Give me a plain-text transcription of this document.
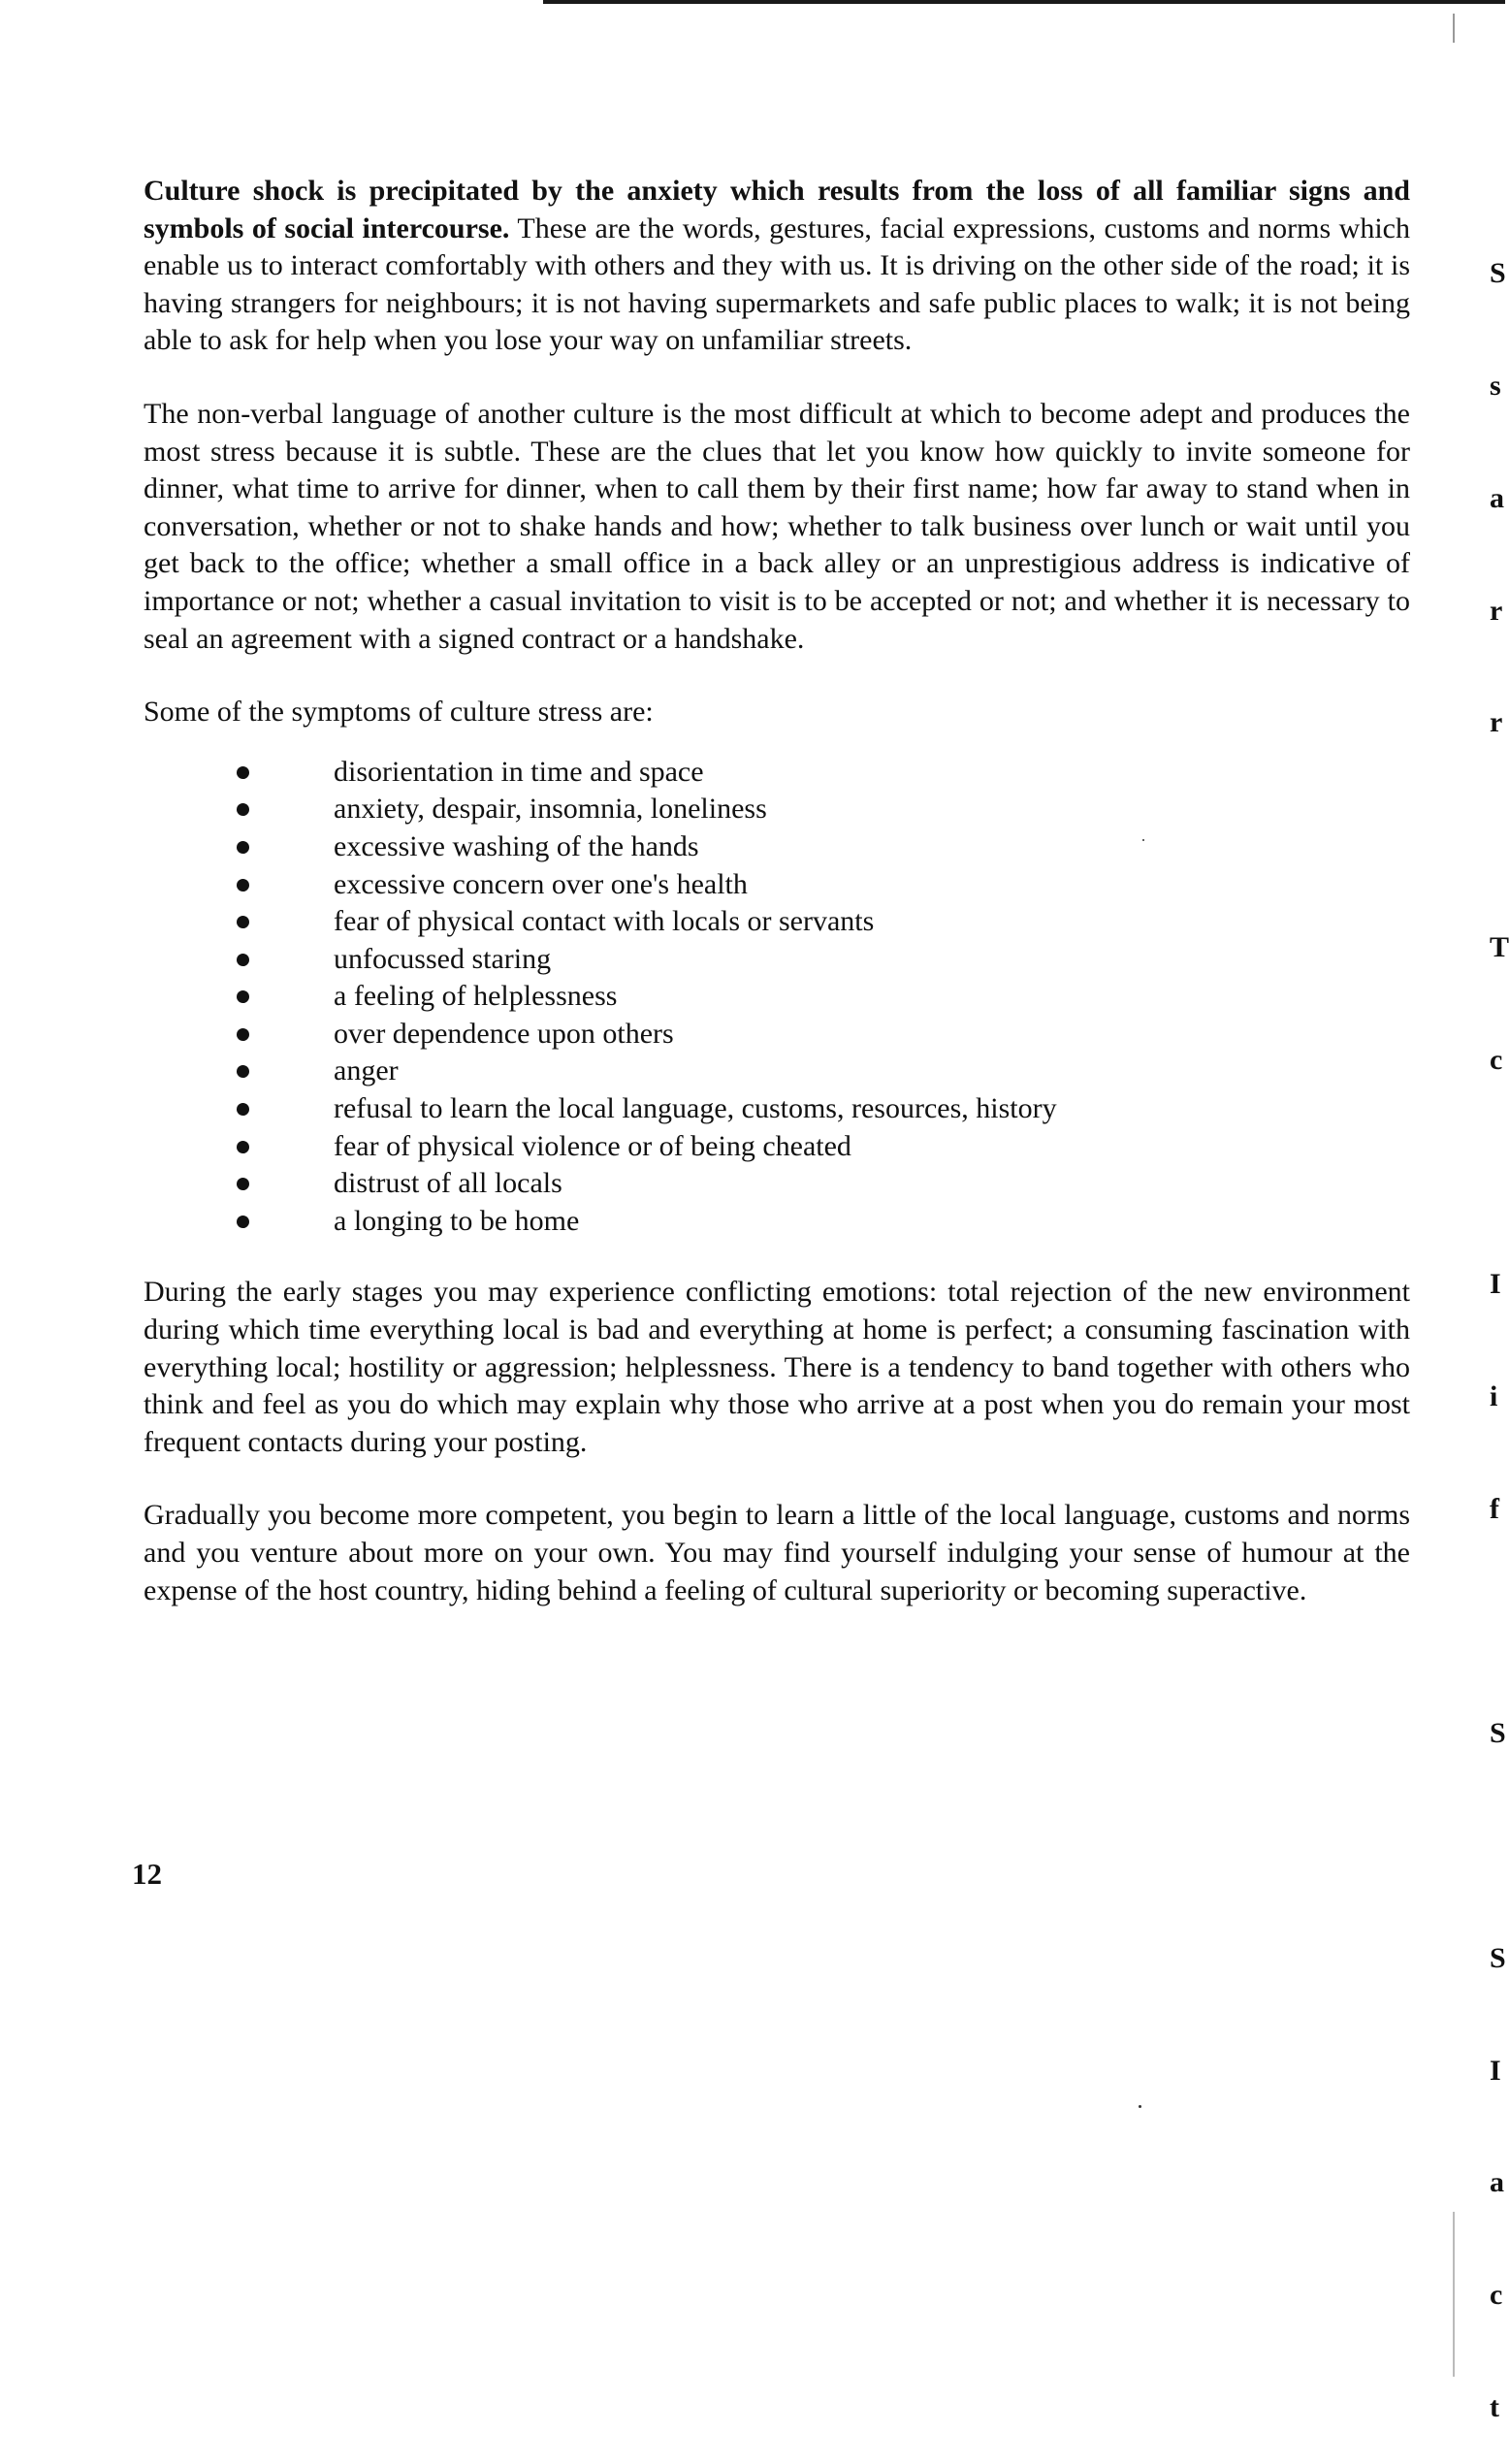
Culture shock is precipitated by the anxiety which results from the loss of all familiar signs and symbols of social intercourse. These are the words, gestures, facial expressions, customs and norms which enable us to interact comfortably with others and they with us. It is driving on the other side of the road; it is having strangers for neighbours; it is not having supermarkets and safe public places to walk; it is not being able to ask for help when you lose your way on unfamiliar streets.

The non-verbal language of another culture is the most difficult at which to become adept and produces the most stress because it is subtle. These are the clues that let you know how quickly to invite someone for dinner, what time to arrive for dinner, when to call them by their first name; how far away to stand when in conversation, whether or not to shake hands and how; whether to talk business over lunch or wait until you get back to the office; whether a small office in a back alley or an unprestigious address is indicative of importance or not; whether a casual invitation to visit is to be accepted or not; and whether it is necessary to seal an agreement with a signed contract or a handshake.

Some of the symptoms of culture stress are:

disorientation in time and space
anxiety, despair, insomnia, loneliness
excessive washing of the hands
excessive concern over one's health
fear of physical contact with locals or servants
unfocussed staring
a feeling of helplessness
over dependence upon others
anger
refusal to learn the local language, customs, resources, history
fear of physical violence or of being cheated
distrust of all locals
a longing to be home

During the early stages you may experience conflicting emotions: total rejection of the new environment during which time everything local is bad and everything at home is perfect; a consuming fascination with everything local; hostility or aggression; helplessness. There is a tendency to band together with others who think and feel as you do which may explain why those who arrive at a post when you do remain your most frequent contacts during your posting.

Gradually you become more competent, you begin to learn a little of the local language, customs and norms and you venture about more on your own. You may find yourself indulging your sense of humour at the expense of the host country, hiding behind a feeling of cultural superiority or becoming superactive.

12

S

s

a

r

r

T

c

I

i

f

S

S

I

a

c

t
